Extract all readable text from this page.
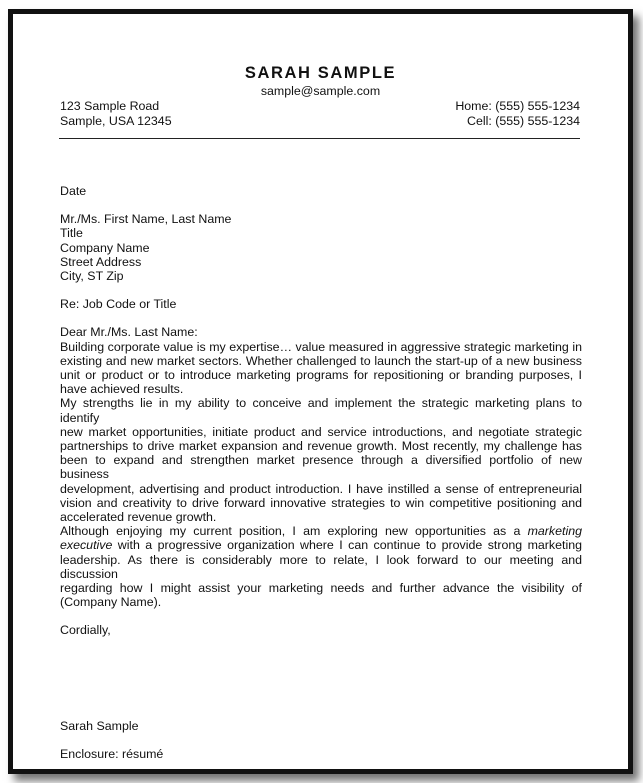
SARAH SAMPLE
sample@sample.com
123 Sample Road
Sample, USA 12345
Home: (555) 555-1234
Cell: (555) 555-1234
Date
Mr./Ms. First Name, Last Name
Title
Company Name
Street Address
City, ST Zip
Re: Job Code or Title
Dear Mr./Ms. Last Name:
Building corporate value is my expertise… value measured in aggressive strategic marketing in
existing and new market sectors. Whether challenged to launch the start-up of a new business
unit or product or to introduce marketing programs for repositioning or branding purposes, I
have achieved results.
My strengths lie in my ability to conceive and implement the strategic marketing plans to identify
new market opportunities, initiate product and service introductions, and negotiate strategic
partnerships to drive market expansion and revenue growth. Most recently, my challenge has
been to expand and strengthen market presence through a diversified portfolio of new business
development, advertising and product introduction. I have instilled a sense of entrepreneurial
vision and creativity to drive forward innovative strategies to win competitive positioning and
accelerated revenue growth.
Although enjoying my current position, I am exploring new opportunities as a marketing
executive with a progressive organization where I can continue to provide strong marketing
leadership. As there is considerably more to relate, I look forward to our meeting and discussion
regarding how I might assist your marketing needs and further advance the visibility of
(Company Name).
Cordially,
Sarah Sample
Enclosure: résumé
